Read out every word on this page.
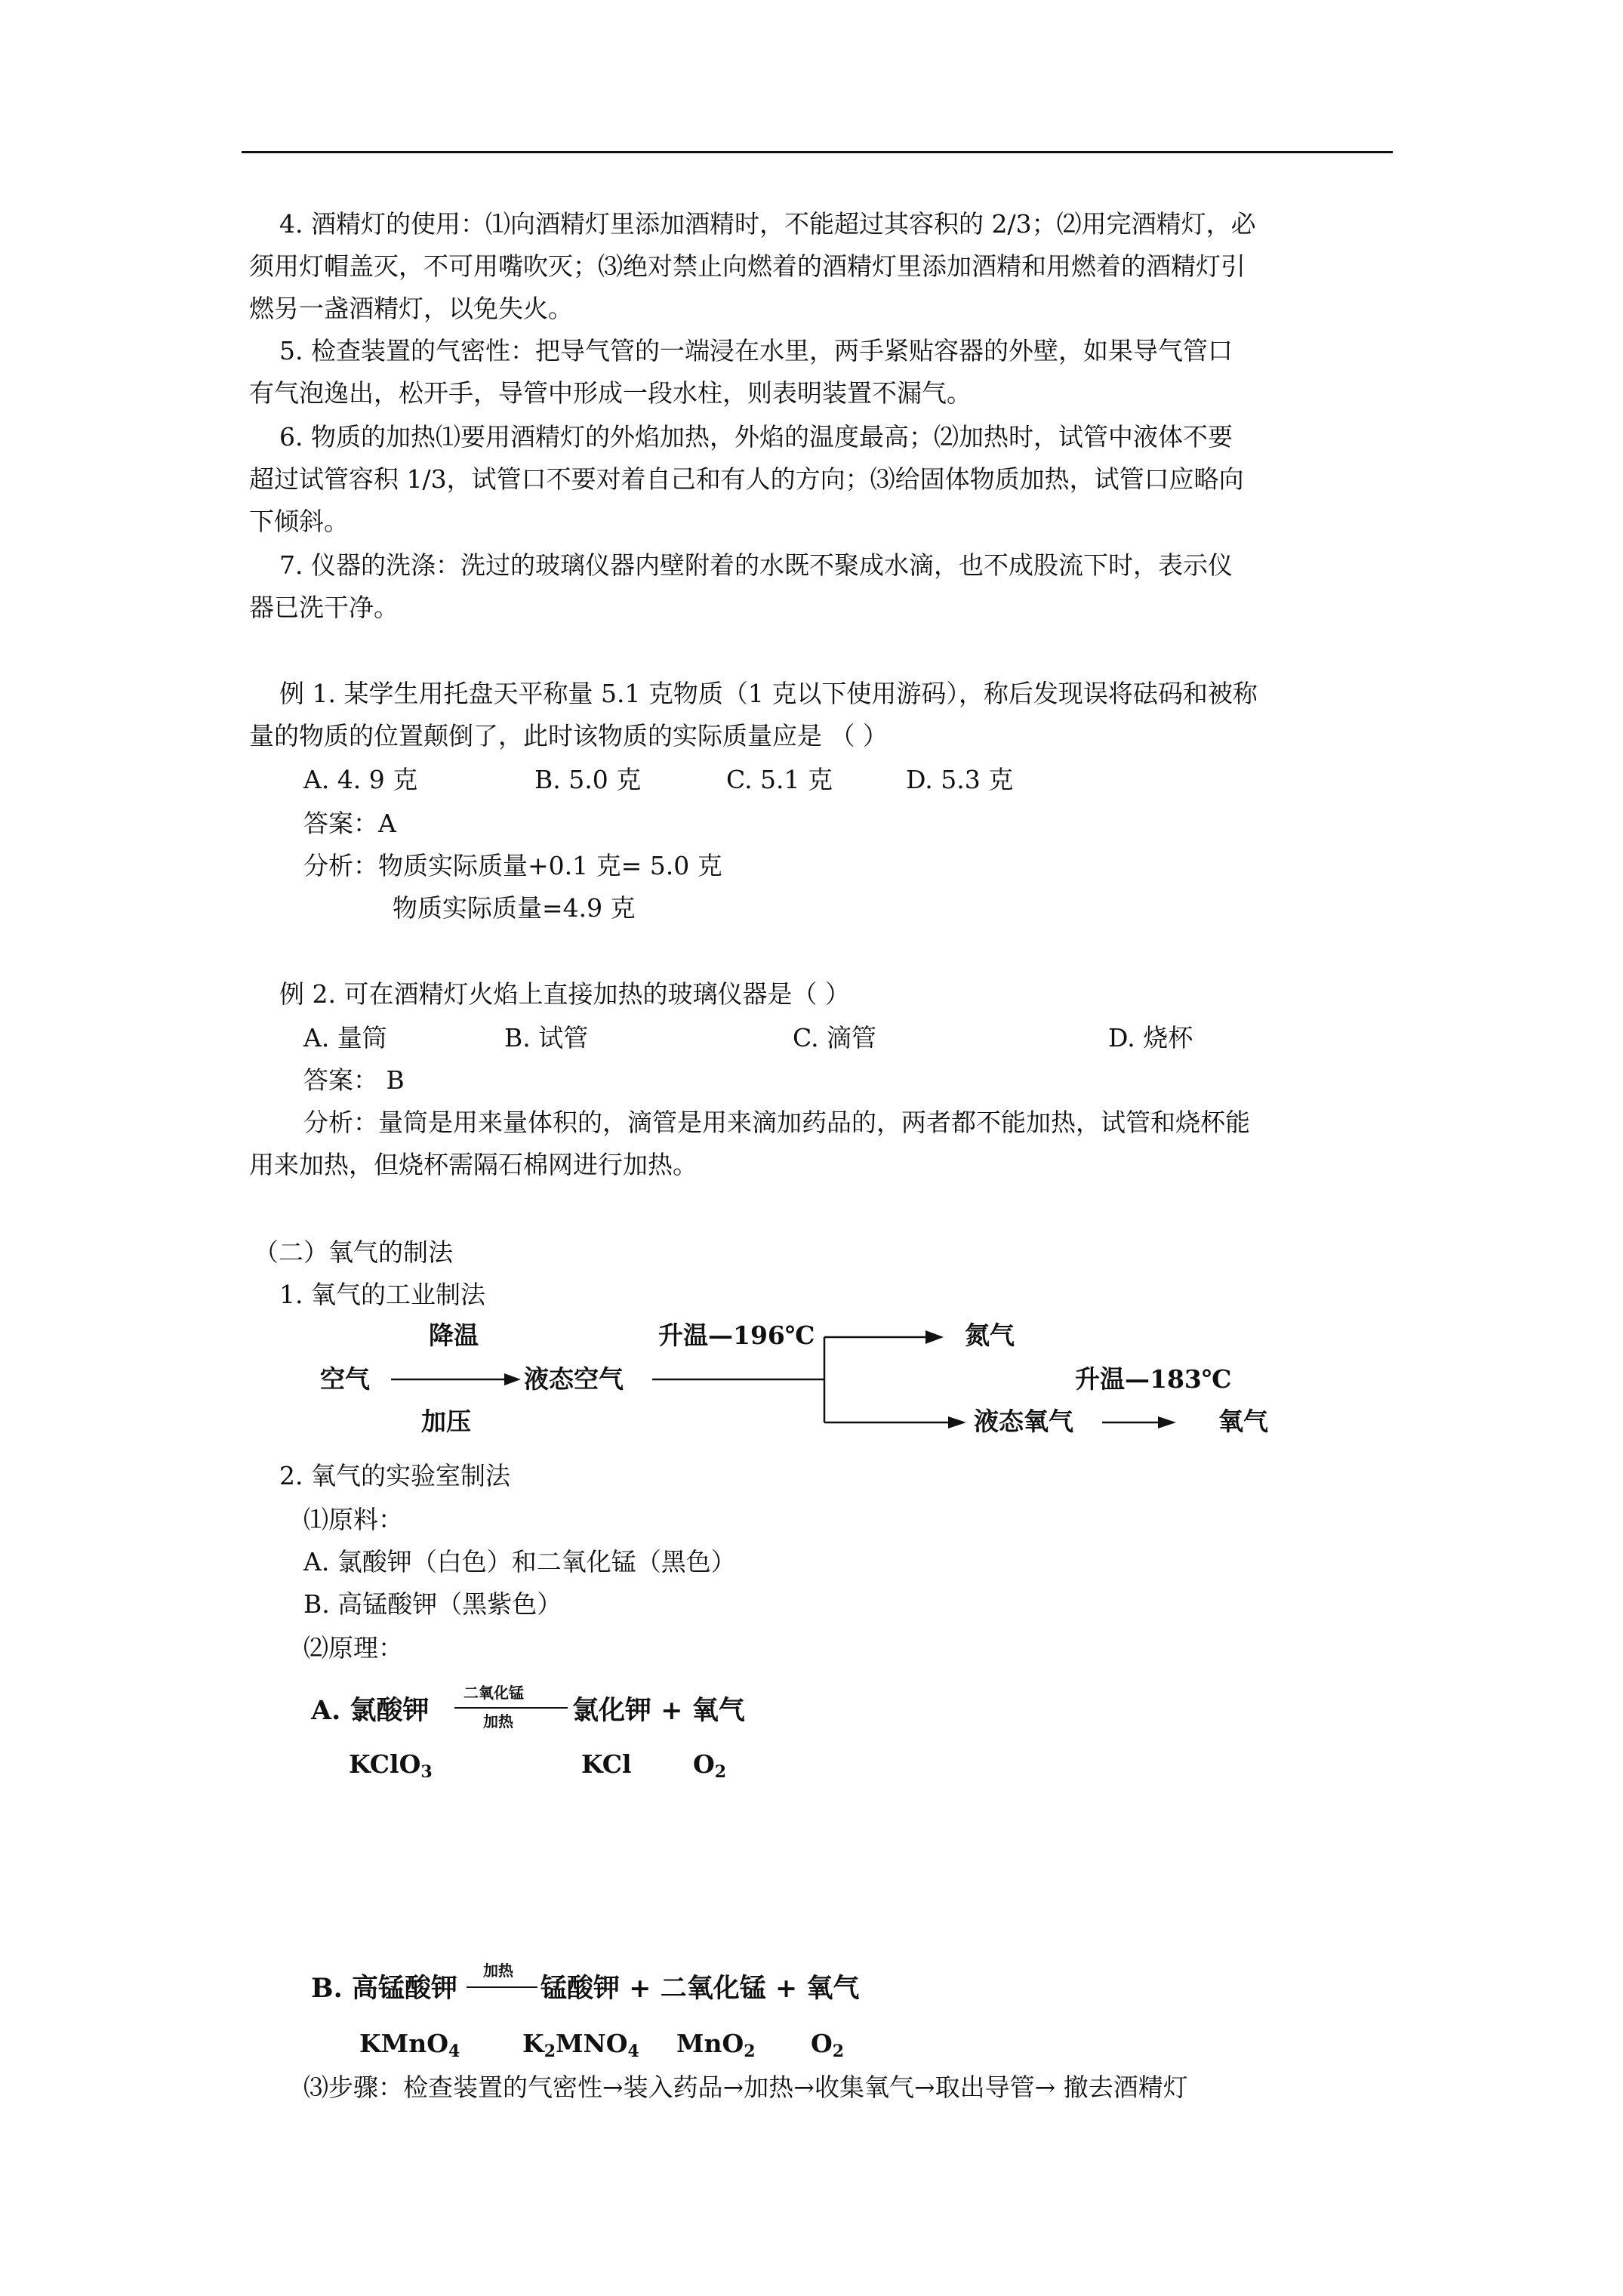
4. 酒精灯的使用：⑴向酒精灯里添加酒精时，不能超过其容积的 2/3；⑵用完酒精灯，必
须用灯帽盖灭，不可用嘴吹灭；⑶绝对禁止向燃着的酒精灯里添加酒精和用燃着的酒精灯引
燃另一盏酒精灯，以免失火。
5. 检查装置的气密性：把导气管的一端浸在水里，两手紧贴容器的外壁，如果导气管口
有气泡逸出，松开手，导管中形成一段水柱，则表明装置不漏气。
6. 物质的加热⑴要用酒精灯的外焰加热，外焰的温度最高；⑵加热时，试管中液体不要
超过试管容积 1/3，试管口不要对着自己和有人的方向；⑶给固体物质加热，试管口应略向
下倾斜。
7. 仪器的洗涤：洗过的玻璃仪器内壁附着的水既不聚成水滴，也不成股流下时，表示仪
器已洗干净。
例 1. 某学生用托盘天平称量 5.1 克物质（1 克以下使用游码），称后发现误将砝码和被称
量的物质的位置颠倒了，此时该物质的实际质量应是 （ ）
A. 4. 9 克	B. 5.0 克	C. 5.1 克	D. 5.3 克
答案：A
分析：物质实际质量+0.1 克= 5.0 克
物质实际质量=4.9 克
例 2. 可在酒精灯火焰上直接加热的玻璃仪器是（ ）
A. 量筒	B. 试管	C. 滴管	D. 烧杯
答案： B
分析：量筒是用来量体积的，滴管是用来滴加药品的，两者都不能加热，试管和烧杯能
用来加热，但烧杯需隔石棉网进行加热。
（二）氧气的制法
1. 氧气的工业制法
降温
空气
加压
液态空气
升温—196℃	氮气
升温—183℃
液态氧气	氧气
2. 氧气的实验室制法
⑴原料：
A. 氯酸钾（白色）和二氧化锰（黑色）
B. 高锰酸钾（黑紫色）
⑵原理：
A. 氯酸钾
二氧化锰
加热 氯化钾 + 氧气
KClO$_3$	KCl $O_2$
B. 高锰酸钾
加热
锰酸钾 + 二氧化锰 + 氧气
KMnO$_4$	$K_2MNO_4$ MnO$_2$ $O_2$
⑶步骤：检查装置的气密性→装入药品→加热→收集氧气→取出导管→ 撤去酒精灯
